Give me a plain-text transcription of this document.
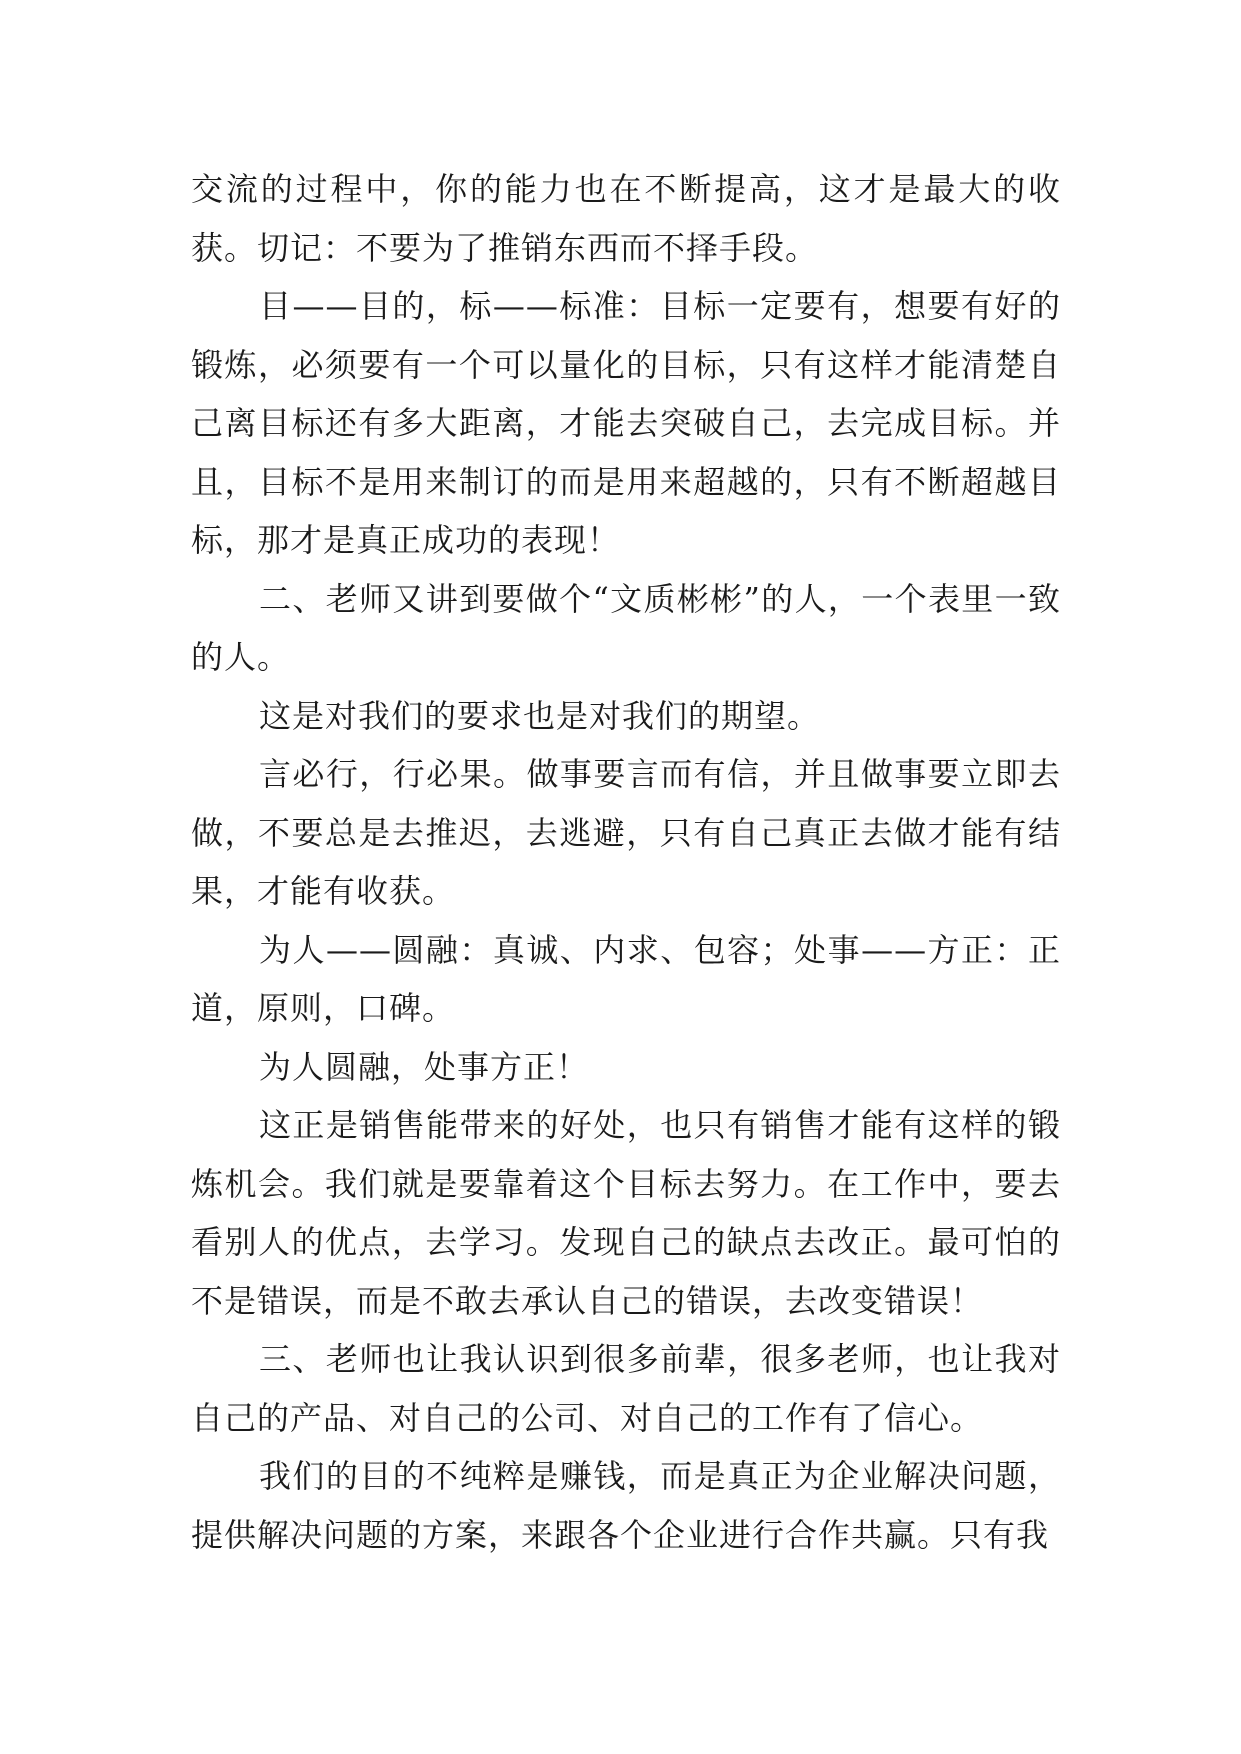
交流的过程中，你的能力也在不断提高，这才是最大的收获。切记：不要为了推销东西而不择手段。

目——目的，标——标准：目标一定要有，想要有好的锻炼，必须要有一个可以量化的目标，只有这样才能清楚自己离目标还有多大距离，才能去突破自己，去完成目标。并且，目标不是用来制订的而是用来超越的，只有不断超越目标，那才是真正成功的表现！

二、老师又讲到要做个“文质彬彬”的人，一个表里一致的人。

这是对我们的要求也是对我们的期望。

言必行，行必果。做事要言而有信，并且做事要立即去做，不要总是去推迟，去逃避，只有自己真正去做才能有结果，才能有收获。

为人——圆融：真诚、内求、包容；处事——方正：正道，原则，口碑。

为人圆融，处事方正！

这正是销售能带来的好处，也只有销售才能有这样的锻炼机会。我们就是要靠着这个目标去努力。在工作中，要去看别人的优点，去学习。发现自己的缺点去改正。最可怕的不是错误，而是不敢去承认自己的错误，去改变错误！

三、老师也让我认识到很多前辈，很多老师，也让我对自己的产品、对自己的公司、对自己的工作有了信心。

我们的目的不纯粹是赚钱，而是真正为企业解决问题，提供解决问题的方案，来跟各个企业进行合作共赢。只有我
